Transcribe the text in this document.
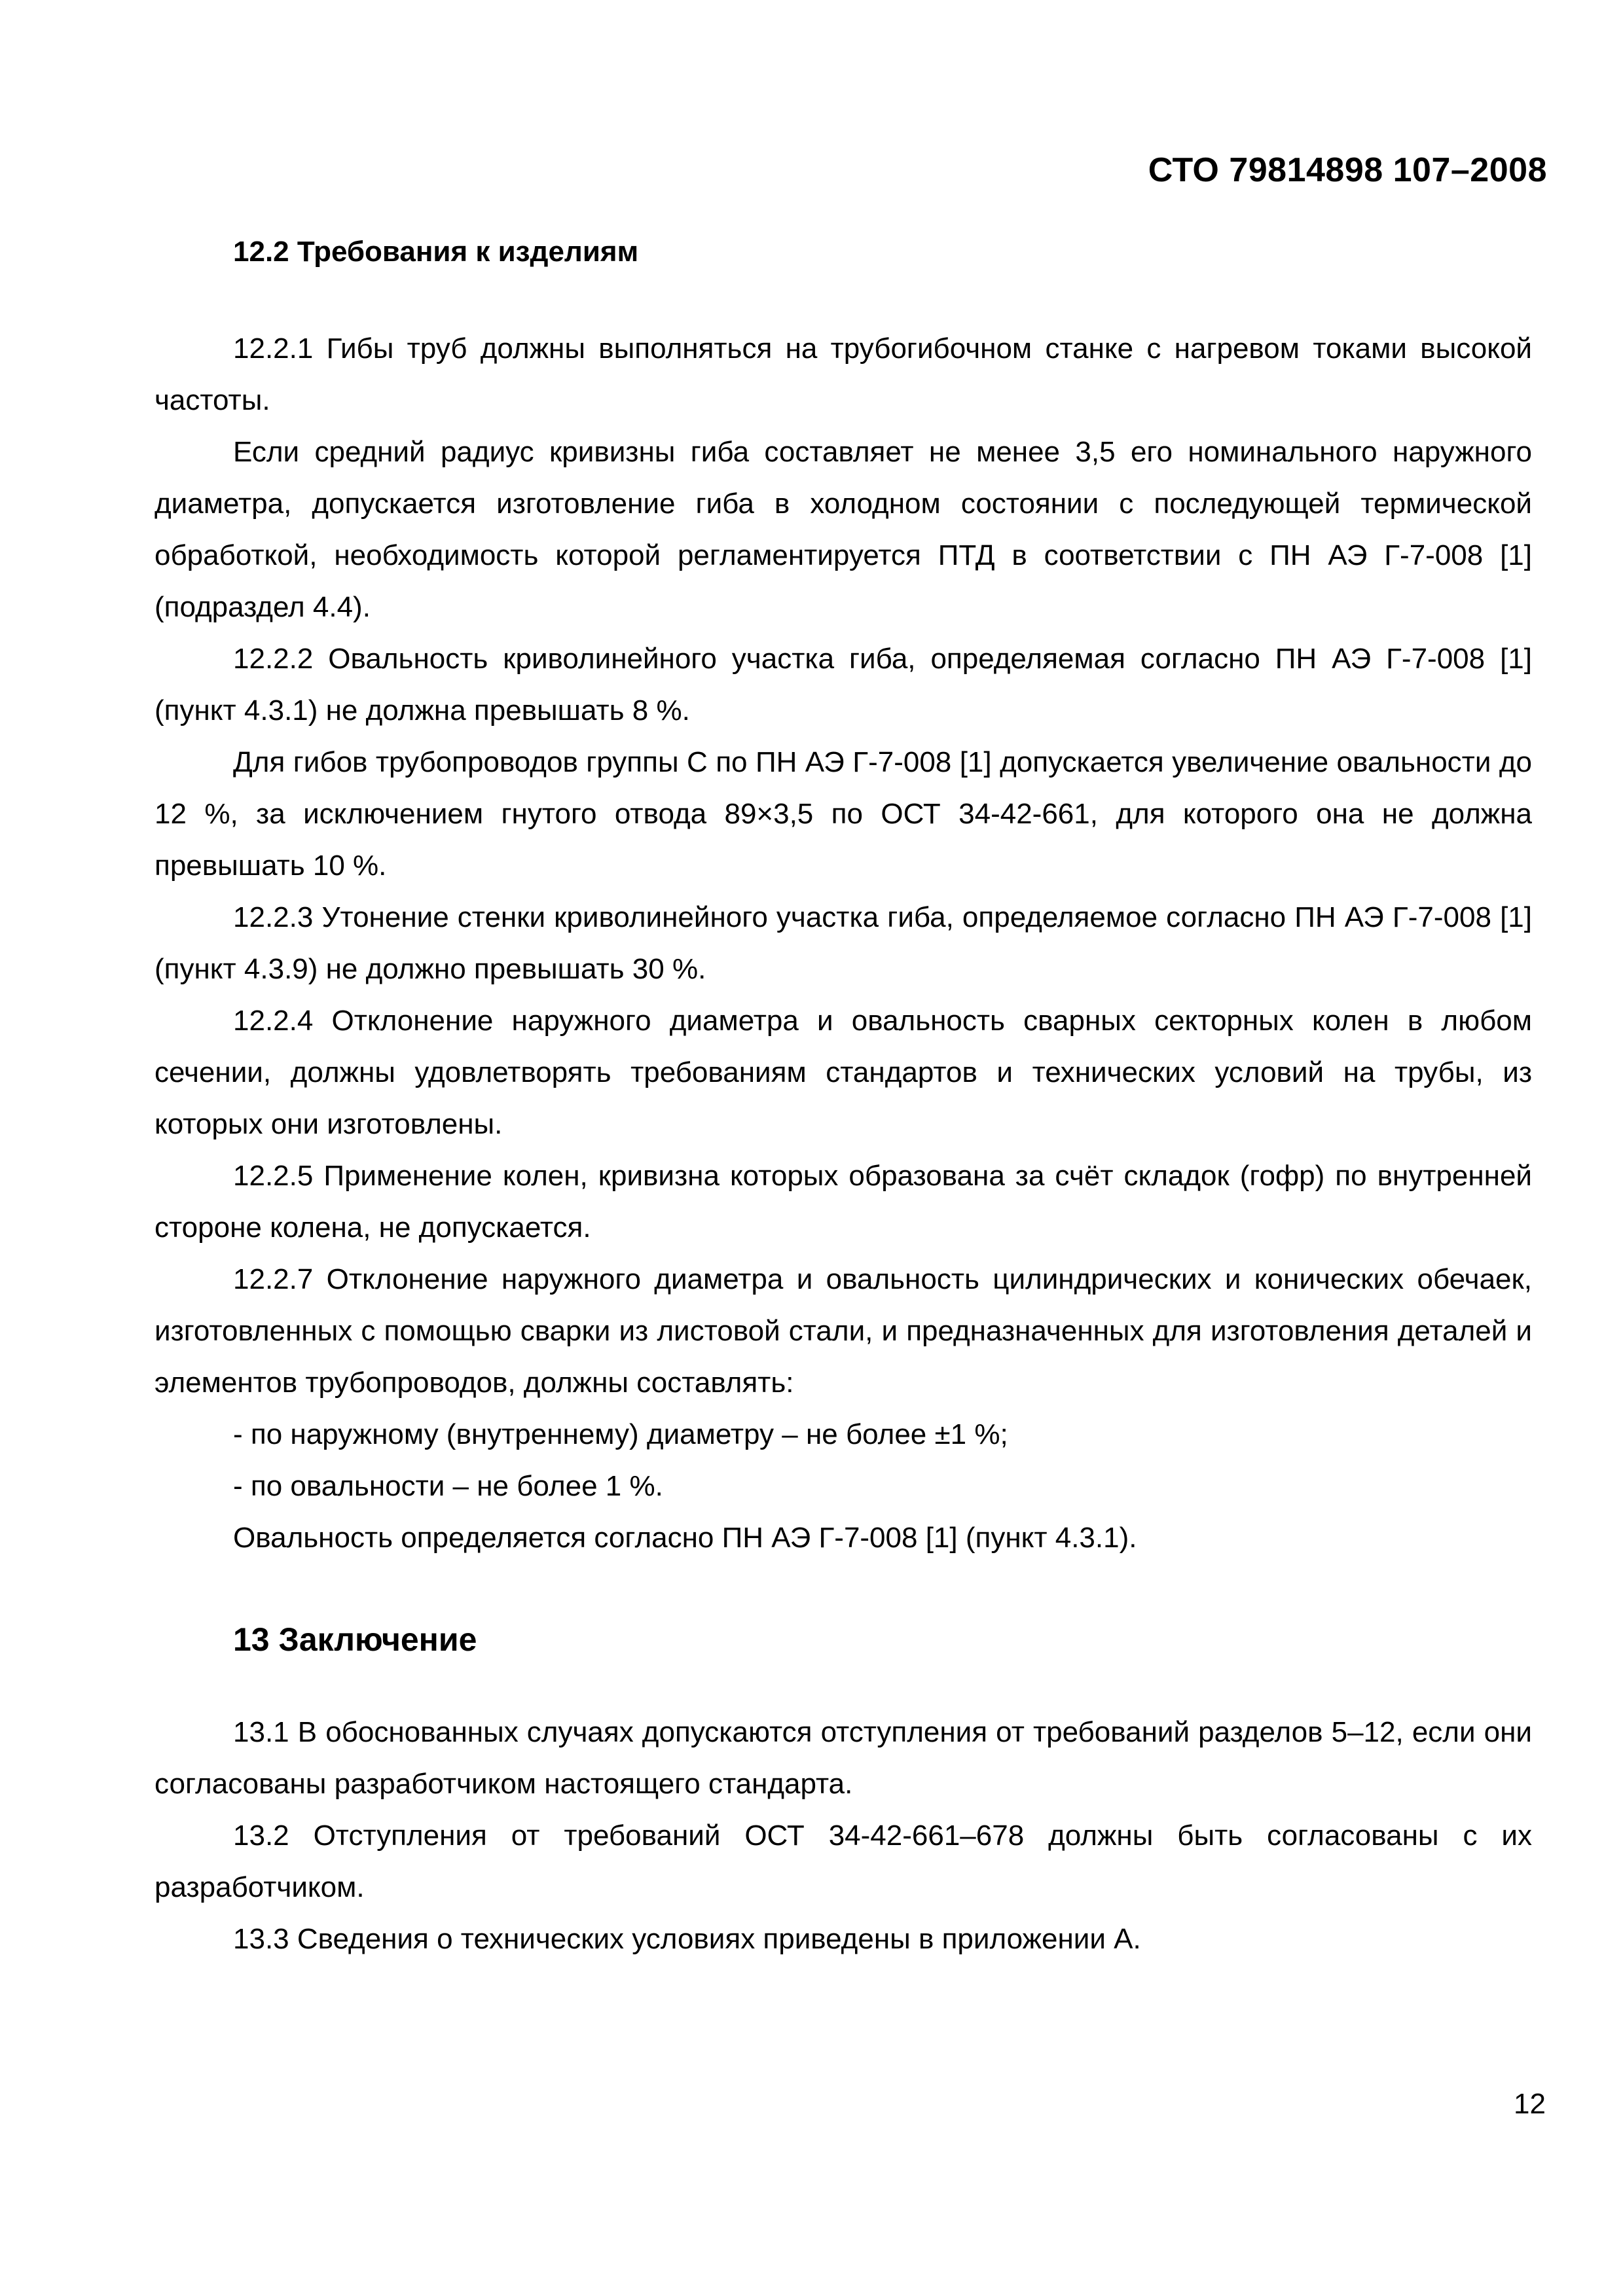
СТО 79814898 107–2008
12.2 Требования к изделиям

12.2.1 Гибы труб должны выполняться на трубогибочном станке с нагревом токами высокой частоты.

Если средний радиус кривизны гиба составляет не менее 3,5 его номинального наружного диаметра, допускается изготовление гиба в холодном состоянии с последующей термической обработкой, необходимость которой регламентируется ПТД в соответствии с ПН АЭ Г-7-008 [1] (подраздел 4.4).

12.2.2 Овальность криволинейного участка гиба, определяемая согласно ПН АЭ Г-7-008 [1] (пункт 4.3.1) не должна превышать 8 %.

Для гибов трубопроводов группы С по ПН АЭ Г-7-008 [1] допускается увеличение овальности до 12 %, за исключением гнутого отвода 89×3,5 по ОСТ 34-42-661, для которого она не должна превышать 10 %.

12.2.3 Утонение стенки криволинейного участка гиба, определяемое согласно ПН АЭ Г-7-008 [1] (пункт 4.3.9) не должно превышать 30 %.

12.2.4 Отклонение наружного диаметра и овальность сварных секторных колен в любом сечении, должны удовлетворять требованиям стандартов и технических условий на трубы, из которых они изготовлены.

12.2.5 Применение колен, кривизна которых образована за счёт складок (гофр) по внутренней стороне колена, не допускается.

12.2.7 Отклонение наружного диаметра и овальность цилиндрических и конических обечаек, изготовленных с помощью сварки из листовой стали, и предназначенных для изготовления деталей и элементов трубопроводов, должны составлять:

- по наружному (внутреннему) диаметру – не более ±1 %;

- по овальности – не более 1 %.

Овальность определяется согласно ПН АЭ Г-7-008 [1] (пункт 4.3.1).

13 Заключение

13.1 В обоснованных случаях допускаются отступления от требований разделов 5–12, если они согласованы разработчиком настоящего стандарта.

13.2 Отступления от требований ОСТ 34-42-661–678 должны быть согласованы с их разработчиком.

13.3 Сведения о технических условиях приведены в приложении А.

12
